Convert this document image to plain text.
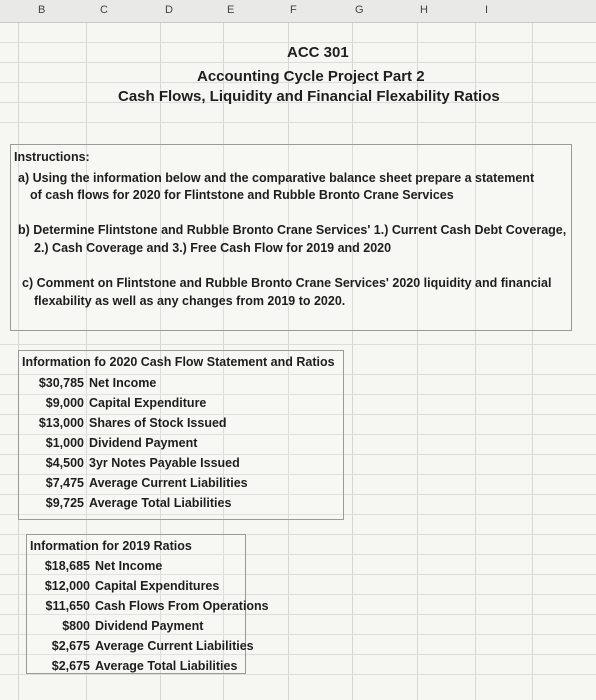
B	C	D	E	F	G	H	I
ACC 301
Accounting Cycle Project Part 2
Cash Flows, Liquidity and Financial Flexability Ratios
Instructions:
a) Using the information below and the comparative balance sheet prepare a statement
of cash flows for 2020 for Flintstone and Rubble Bronto Crane Services
b) Determine Flintstone and Rubble Bronto Crane Services' 1.) Current Cash Debt Coverage,
2.) Cash Coverage and 3.) Free Cash Flow for 2019 and 2020
c) Comment on Flintstone and Rubble Bronto Crane Services' 2020 liquidity and financial
flexability as well as any changes from 2019 to 2020.
Information fo 2020 Cash Flow Statement and Ratios
$30,785 Net Income
$9,000 Capital Expenditure
$13,000 Shares of Stock Issued
$1,000 Dividend Payment
$4,500 3yr Notes Payable Issued
$7,475 Average Current Liabilities
$9,725 Average Total Liabilities
Information for 2019 Ratios
$18,685 Net Income
$12,000 Capital Expenditures
$11,650 Cash Flows From Operations
$800 Dividend Payment
$2,675 Average Current Liabilities
$2,675 Average Total Liabilities
